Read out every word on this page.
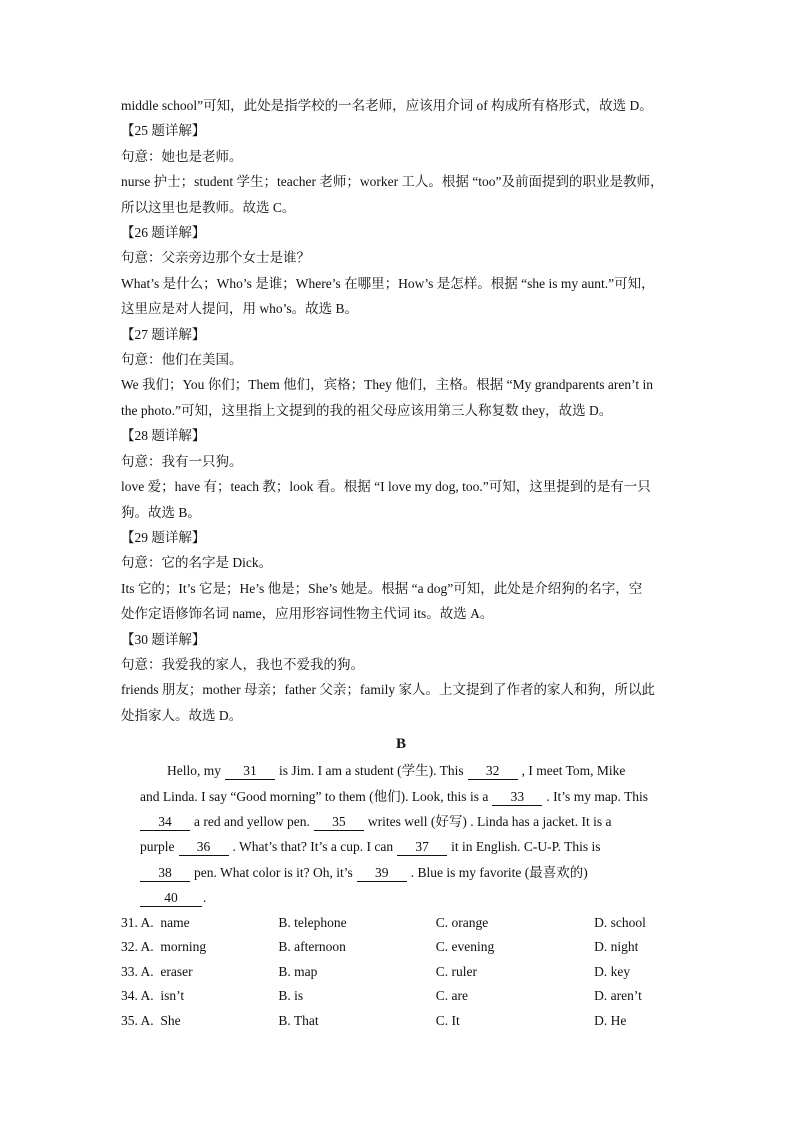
middle school”可知，此处是指学校的一名老师，应该用介词 of 构成所有格形式，故选 D。
【25 题详解】
句意：她也是老师。
nurse 护士；student 学生；teacher 老师；worker 工人。根据 “too”及前面提到的职业是教师，
所以这里也是教师。故选 C。
【26 题详解】
句意：父亲旁边那个女士是谁？
What’s 是什么；Who’s 是谁；Where’s 在哪里；How’s 是怎样。根据 “she is my aunt.”可知，
这里应是对人提问，用 who’s。故选 B。
【27 题详解】
句意：他们在美国。
We 我们；You 你们；Them 他们，宾格；They 他们，主格。根据 “My grandparents aren’t in
the photo.”可知，这里指上文提到的我的祖父母应该用第三人称复数 they，故选 D。
【28 题详解】
句意：我有一只狗。
love 爱；have 有；teach 教；look 看。根据 “I love my dog, too.”可知，这里提到的是有一只
狗。故选 B。
【29 题详解】
句意：它的名字是 Dick。
Its 它的；It’s 它是；He’s 他是；She’s 她是。根据 “a dog”可知，此处是介绍狗的名字，空
处作定语修饰名词 name，应用形容词性物主代词 its。故选 A。
【30 题详解】
句意：我爱我的家人，我也不爱我的狗。
friends 朋友；mother 母亲；father 父亲；family 家人。上文提到了作者的家人和狗，所以此
处指家人。故选 D。
B
Hello, my 31 is Jim. I am a student (学生). This 32 , I meet Tom, Mike
and Linda. I say “Good morning” to them (他们). Look, this is a 33 . It’s my map. This
34 a red and yellow pen. 35 writes well (好写) . Linda has a jacket. It is a
purple 36 . What’s that? It’s a cup. I can 37 it in English. C-U-P. This is
38 pen. What color is it? Oh, it’s 39 . Blue is my favorite (最喜欢的)
40 .
31. A. name	B. telephone	C. orange	D. school
32. A. morning	B. afternoon	C. evening	D. night
33. A. eraser	B. map	C. ruler	D. key
34. A. isn’t	B. is	C. are	D. aren’t
35. A. She	B. That	C. It	D. He
